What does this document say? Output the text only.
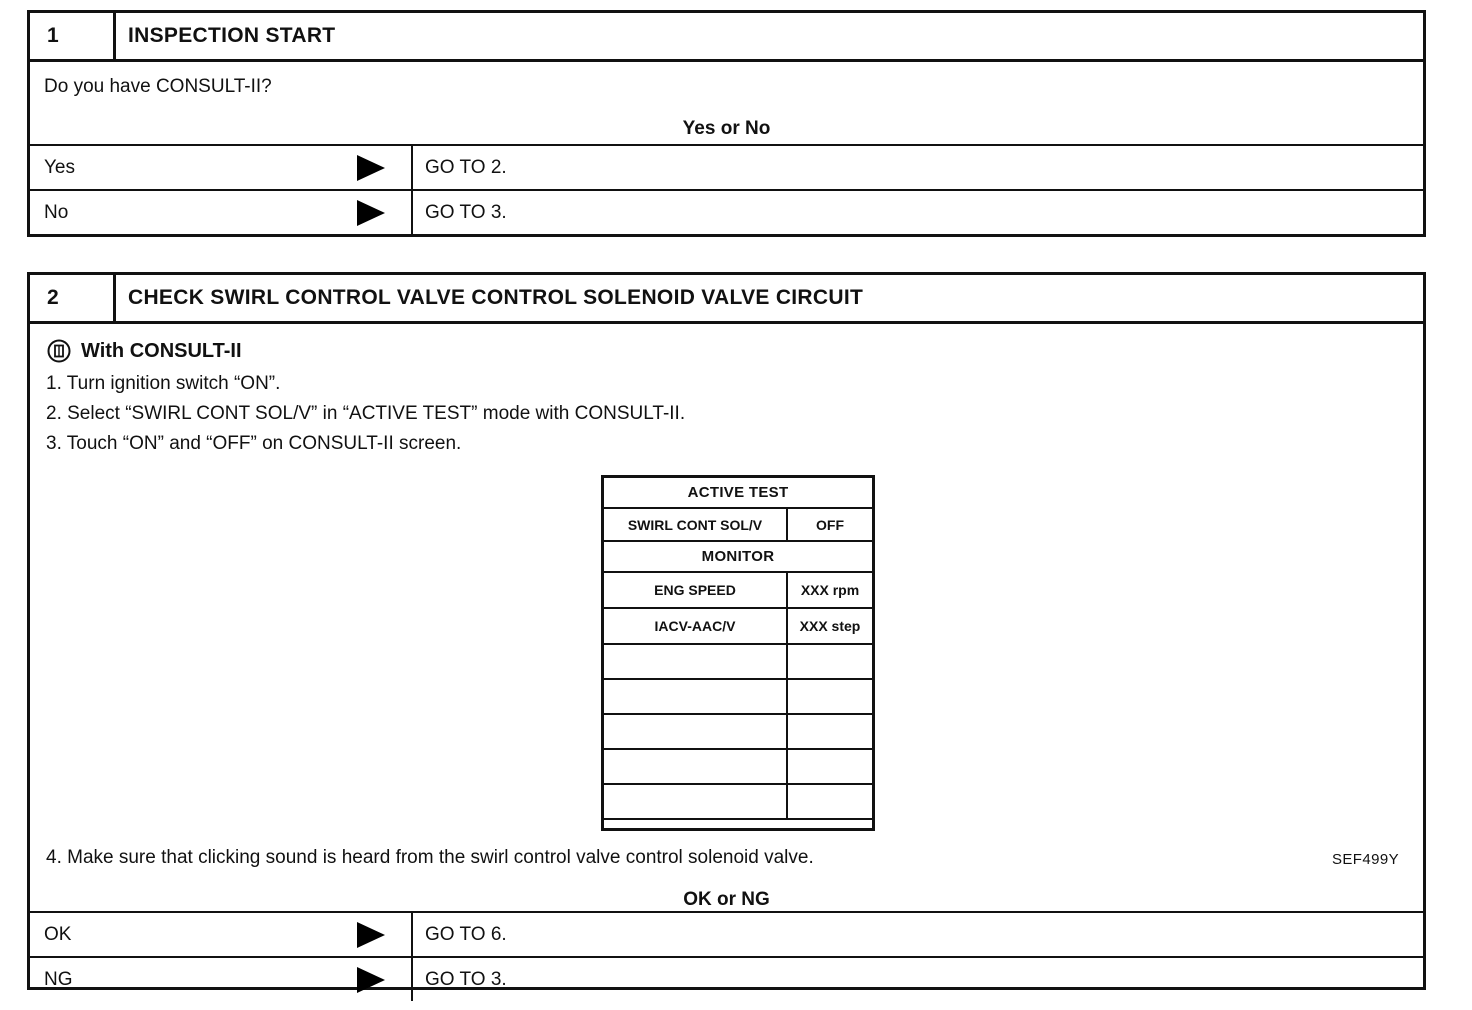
1	INSPECTION START
Do you have CONSULT-II?
Yes or No
Yes	GO TO 2.
No	GO TO 3.
2	CHECK SWIRL CONTROL VALVE CONTROL SOLENOID VALVE CIRCUIT
With CONSULT-II
1. Turn ignition switch “ON”.
2. Select “SWIRL CONT SOL/V” in “ACTIVE TEST” mode with CONSULT-II.
3. Touch “ON” and “OFF” on CONSULT-II screen.
ACTIVE TEST
SWIRL CONT SOL/V	OFF
MONITOR
ENG SPEED	XXX rpm
IACV-AAC/V	XXX step
SEF499Y
4. Make sure that clicking sound is heard from the swirl control valve control solenoid valve.
OK or NG
OK	GO TO 6.
NG	GO TO 3.
